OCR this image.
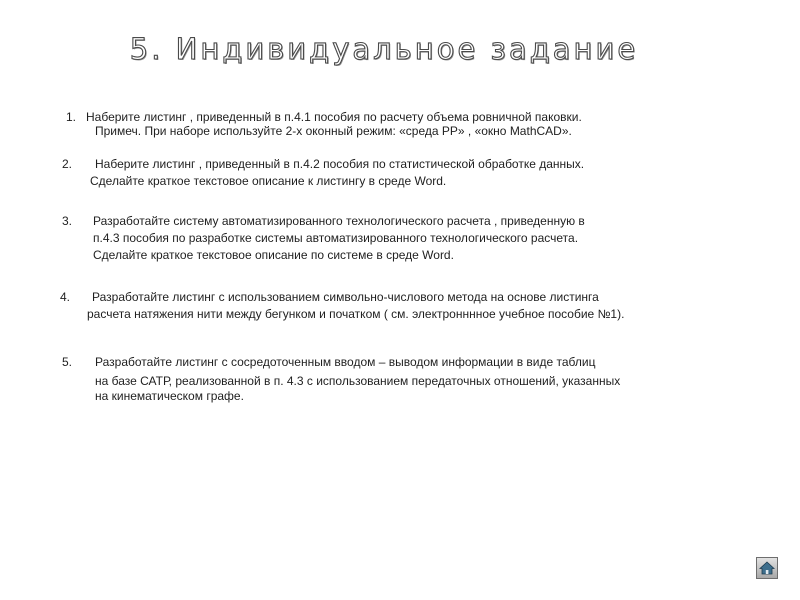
5. Индивидуальное задание
1. Наберите листинг , приведенный в п.4.1 пособия по расчету объема ровничной паковки.
Примеч. При наборе используйте 2-х оконный режим: «среда PP» , «окно MathCAD».
2. Наберите листинг , приведенный в п.4.2 пособия по статистической обработке данных.
Сделайте краткое текстовое описание к листингу в среде Word.
3. Разработайте систему автоматизированного технологического расчета , приведенную в
п.4.3 пособия по разработке системы автоматизированного технологического расчета.
Сделайте краткое текстовое описание по системе в среде Word.
4. Разработайте листинг с использованием символьно-числового метода на основе листинга
расчета натяжения нити между бегунком и початком ( см. электронннное учебное пособие №1).
5. Разработайте листинг с сосредоточенным вводом – выводом информации в виде таблиц
на базе САТР, реализованной в п. 4.3 с использованием передаточных отношений, указанных
на кинематическом графе.
